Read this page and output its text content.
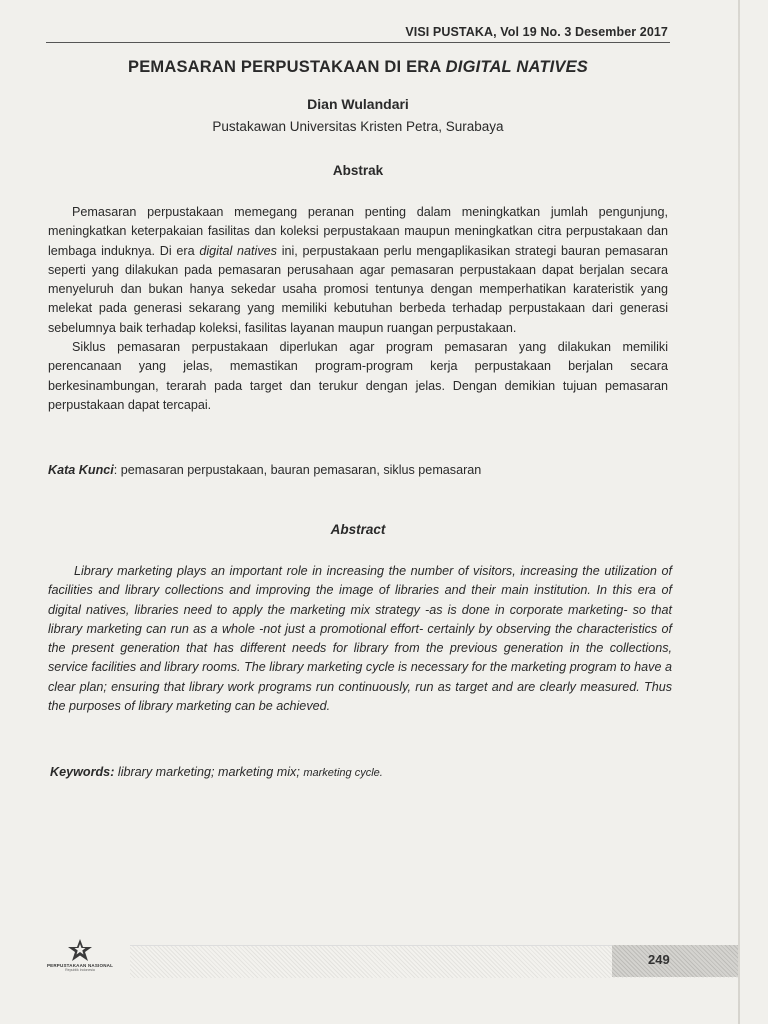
VISI PUSTAKA, Vol 19 No. 3 Desember 2017
PEMASARAN PERPUSTAKAAN DI ERA DIGITAL NATIVES
Dian Wulandari
Pustakawan Universitas Kristen Petra, Surabaya
Abstrak

Pemasaran perpustakaan memegang peranan penting dalam meningkatkan jumlah pengunjung, meningkatkan keterpakaian fasilitas dan koleksi perpustakaan maupun meningkatkan citra perpustakaan dan lembaga induknya. Di era digital natives ini, perpustakaan perlu mengaplikasikan strategi bauran pemasaran seperti yang dilakukan pada pemasaran perusahaan agar pemasaran perpustakaan dapat berjalan secara menyeluruh dan bukan hanya sekedar usaha promosi tentunya dengan memperhatikan karateristik yang melekat pada generasi sekarang yang memiliki kebutuhan berbeda terhadap perpustakaan dari generasi sebelumnya baik terhadap koleksi, fasilitas layanan maupun ruangan perpustakaan.

Siklus pemasaran perpustakaan diperlukan agar program pemasaran yang dilakukan memiliki perencanaan yang jelas, memastikan program-program kerja perpustakaan berjalan secara berkesinambungan, terarah pada target dan terukur dengan jelas. Dengan demikian tujuan pemasaran perpustakaan dapat tercapai.

Kata Kunci: pemasaran perpustakaan, bauran pemasaran, siklus pemasaran
Abstract

Library marketing plays an important role in increasing the number of visitors, increasing the utilization of facilities and library collections and improving the image of libraries and their main institution. In this era of digital natives, libraries need to apply the marketing mix strategy -as is done in corporate marketing- so that library marketing can run as a whole -not just a promotional effort- certainly by observing the characteristics of the present generation that has different needs for library from the previous generation in the collections, service facilities and library rooms. The library marketing cycle is necessary for the marketing program to have a clear plan; ensuring that library work programs run continuously, run as target and are clearly measured. Thus the purposes of library marketing can be achieved.

Keywords: library marketing; marketing mix; marketing cycle.
249
PERPUSTAKAAN NASIONAL
Republik Indonesia
